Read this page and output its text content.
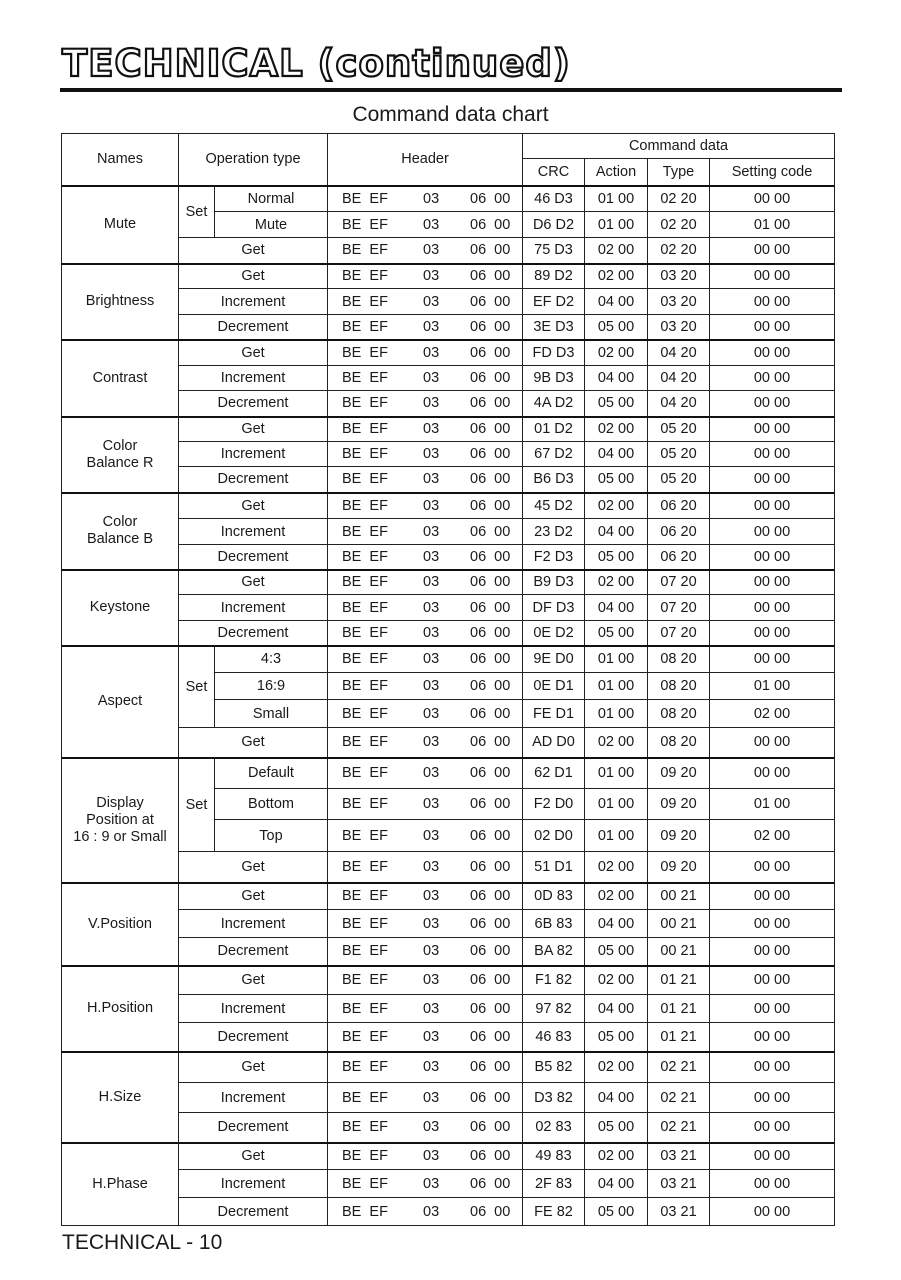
TECHNICAL (continued)
Command data chart
Names	Operation type		Header	Command data			
				CRC	Action	Type	Setting code
Mute	Set	Normal	BE  EF 03 06  00	46 D3	01 00	02 20	00 00
		Mute	BE  EF 03 06  00	D6 D2	01 00	02 20	01 00
	Get		BE  EF 03 06  00	75 D3	02 00	02 20	00 00
Brightness	Get		BE  EF 03 06  00	89 D2	02 00	03 20	00 00
	Increment		BE  EF 03 06  00	EF D2	04 00	03 20	00 00
	Decrement		BE  EF 03 06  00	3E D3	05 00	03 20	00 00
Contrast	Get		BE  EF 03 06  00	FD D3	02 00	04 20	00 00
	Increment		BE  EF 03 06  00	9B D3	04 00	04 20	00 00
	Decrement		BE  EF 03 06  00	4A D2	05 00	04 20	00 00
Color
Balance R	Get		BE  EF 03 06  00	01 D2	02 00	05 20	00 00
	Increment		BE  EF 03 06  00	67 D2	04 00	05 20	00 00
	Decrement		BE  EF 03 06  00	B6 D3	05 00	05 20	00 00
Color
Balance B	Get		BE  EF 03 06  00	45 D2	02 00	06 20	00 00
	Increment		BE  EF 03 06  00	23 D2	04 00	06 20	00 00
	Decrement		BE  EF 03 06  00	F2 D3	05 00	06 20	00 00
Keystone	Get		BE  EF 03 06  00	B9 D3	02 00	07 20	00 00
	Increment		BE  EF 03 06  00	DF D3	04 00	07 20	00 00
	Decrement		BE  EF 03 06  00	0E D2	05 00	07 20	00 00
Aspect	Set	4:3	BE  EF 03 06  00	9E D0	01 00	08 20	00 00
		16:9	BE  EF 03 06  00	0E D1	01 00	08 20	01 00
		Small	BE  EF 03 06  00	FE D1	01 00	08 20	02 00
	Get		BE  EF 03 06  00	AD D0	02 00	08 20	00 00
Display
Position at
16 : 9 or Small	Set	Default	BE  EF 03 06  00	62 D1	01 00	09 20	00 00
		Bottom	BE  EF 03 06  00	F2 D0	01 00	09 20	01 00
		Top	BE  EF 03 06  00	02 D0	01 00	09 20	02 00
	Get		BE  EF 03 06  00	51 D1	02 00	09 20	00 00
V.Position	Get		BE  EF 03 06  00	0D 83	02 00	00 21	00 00
	Increment		BE  EF 03 06  00	6B 83	04 00	00 21	00 00
	Decrement		BE  EF 03 06  00	BA 82	05 00	00 21	00 00
H.Position	Get		BE  EF 03 06  00	F1 82	02 00	01 21	00 00
	Increment		BE  EF 03 06  00	97 82	04 00	01 21	00 00
	Decrement		BE  EF 03 06  00	46 83	05 00	01 21	00 00
H.Size	Get		BE  EF 03 06  00	B5 82	02 00	02 21	00 00
	Increment		BE  EF 03 06  00	D3 82	04 00	02 21	00 00
	Decrement		BE  EF 03 06  00	02 83	05 00	02 21	00 00
H.Phase	Get		BE  EF 03 06  00	49 83	02 00	03 21	00 00
	Increment		BE  EF 03 06  00	2F 83	04 00	03 21	00 00
	Decrement		BE  EF 03 06  00	FE 82	05 00	03 21	00 00
TECHNICAL - 10
